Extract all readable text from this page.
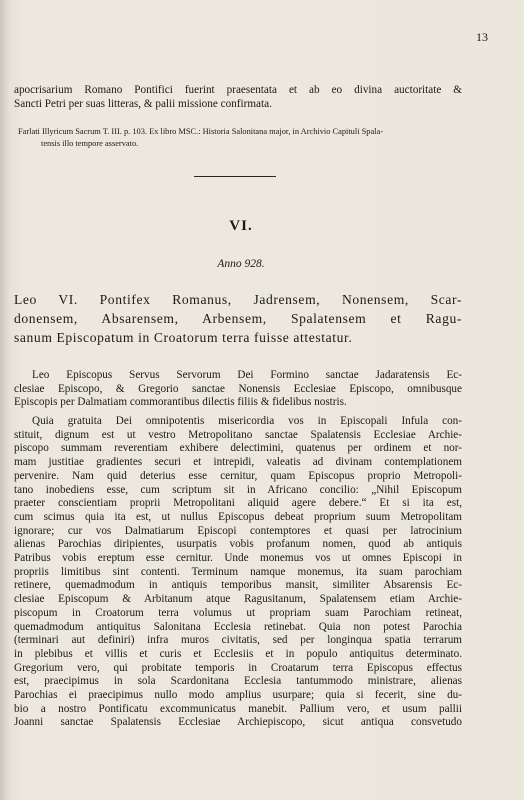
13
apocrisarium Romano Pontifici fuerint praesentata et ab eo divina auctoritate &
Sancti Petri per suas litteras, & palii missione confirmata.
Farlati Illyricum Sacrum T. III. p. 103. Ex libro MSC.: Historia Salonitana major, in Archivio Capituli Spala-
tensis illo tempore asservato.
VI.
Anno 928.
Leo VI. Pontifex Romanus, Jadrensem, Nonensem, Scar-
donensem, Absarensem, Arbensem, Spalatensem et Ragu-
sanum Episcopatum in Croatorum terra fuisse attestatur.
Leo Episcopus Servus Servorum Dei Formino sanctae Jadaratensis Ec-
clesiae Episcopo, & Gregorio sanctae Nonensis Ecclesiae Episcopo, omnibusque
Episcopis per Dalmatiam commorantibus dilectis filiis & fidelibus nostris.
Quia gratuita Dei omnipotentis misericordia vos in Episcopali Infula con-
stituit, dignum est ut vestro Metropolitano sanctae Spalatensis Ecclesiae Archie-
piscopo summam reverentiam exhibere delectimini, quatenus per ordinem et nor-
mam justitiae gradientes securi et intrepidi, valeatis ad divinam contemplationem
pervenire. Nam quid deterius esse cernitur, quam Episcopus proprio Metropoli-
tano inobediens esse, cum scriptum sit in Africano concilio: „Nihil Episcopum
praeter conscientiam proprii Metropolitani aliquid agere debere.“ Et si ita est,
cum scimus quia ita est, ut nullus Episcopus debeat proprium suum Metropolitam
ignorare; cur vos Dalmatiarum Episcopi contemptores et quasi per latrocinium
alienas Parochias diripientes, usurpatis vobis profanum nomen, quod ab antiquis
Patribus vobis ereptum esse cernitur. Unde monemus vos ut omnes Episcopi in
propriis limitibus sint contenti. Terminum namque monemus, ita suam parochiam
retinere, quemadmodum in antiquis temporibus mansit, similiter Absarensis Ec-
clesiae Episcopum & Arbitanum atque Ragusitanum, Spalatensem etiam Archie-
piscopum in Croatorum terra volumus ut propriam suam Parochiam retineat,
quemadmodum antiquitus Salonitana Ecclesia retinebat. Quia non potest Parochia
(terminari aut definiri) infra muros civitatis, sed per longinqua spatia terrarum
in plebibus et villis et curis et Ecclesiis et in populo antiquitus determinato.
Gregorium vero, qui probitate temporis in Croatarum terra Episcopus effectus
est, praecipimus in sola Scardonitana Ecclesia tantummodo ministrare, alienas
Parochias ei praecipimus nullo modo amplius usurpare; quia si fecerit, sine du-
bio a nostro Pontificatu excommunicatus manebit. Pallium vero, et usum pallii
Joanni sanctae Spalatensis Ecclesiae Archiepiscopo, sicut antiqua consvetudo
